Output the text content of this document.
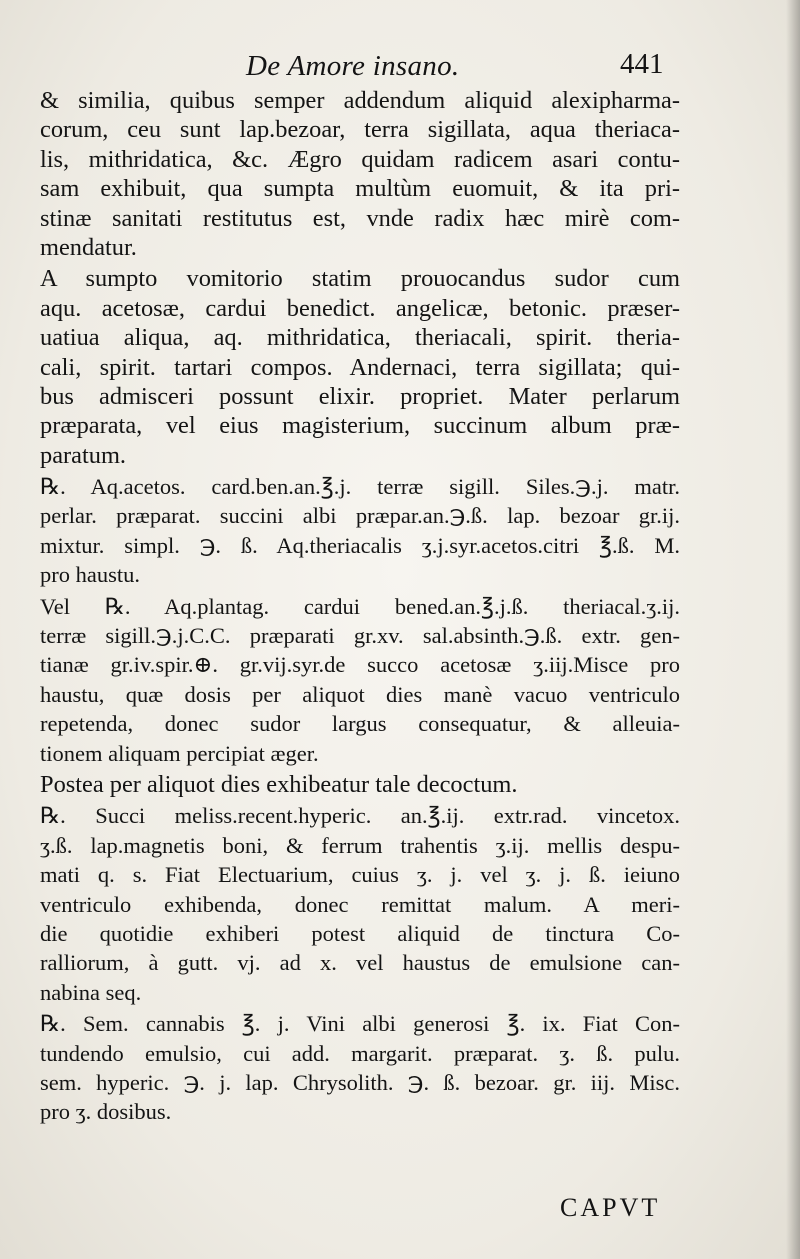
De Amore insano.	441
& similia, quibus semper addendum aliquid alexipharma-
corum, ceu sunt lap.bezoar, terra sigillata, aqua theriaca-
lis, mithridatica, &c. Ægro quidam radicem asari contu-
sam exhibuit, qua sumpta multùm euomuit, & ita pri-
stinæ sanitati restitutus est, vnde radix hæc mirè com-
mendatur.
A sumpto vomitorio statim prouocandus sudor cum
aqu. acetosæ, cardui benedict. angelicæ, betonic. præser-
uatiua aliqua, aq. mithridatica, theriacali, spirit. theria-
cali, spirit. tartari compos. Andernaci, terra sigillata; qui-
bus admisceri possunt elixir. propriet. Mater perlarum
præparata, vel eius magisterium, succinum album præ-
paratum.
℞. Aq.acetos. card.ben.an.℥.j. terræ sigill. Siles.℈.j. matr.
perlar. præparat. succini albi præpar.an.℈.ß. lap. bezoar gr.ij.
mixtur. simpl. ℈. ß. Aq.theriacalis ʒ.j.syr.acetos.citri ℥.ß. M.
pro haustu.
Vel ℞. Aq.plantag. cardui bened.an.℥.j.ß. theriacal.ʒ.ij.
terræ sigill.℈.j.C.C. præparati gr.xv. sal.absinth.℈.ß. extr. gen-
tianæ gr.iv.spir.⊕. gr.vij.syr.de succo acetosæ ʒ.iij.Misce pro
haustu, quæ dosis per aliquot dies manè vacuo ventriculo
repetenda, donec sudor largus consequatur, & alleuia-
tionem aliquam percipiat æger.
Postea per aliquot dies exhibeatur tale decoctum.
℞. Succi meliss.recent.hyperic. an.℥.ij. extr.rad. vincetox.
ʒ.ß. lap.magnetis boni, & ferrum trahentis ʒ.ij. mellis despu-
mati q. s. Fiat Electuarium, cuius ʒ. j. vel ʒ. j. ß. ieiuno
ventriculo exhibenda, donec remittat malum. A meri-
die quotidie exhiberi potest aliquid de tinctura Co-
ralliorum, à gutt. vj. ad x. vel haustus de emulsione can-
nabina seq.
℞. Sem. cannabis ℥. j. Vini albi generosi ℥. ix. Fiat Con-
tundendo emulsio, cui add. margarit. præparat. ʒ. ß. pulu.
sem. hyperic. ℈. j. lap. Chrysolith. ℈. ß. bezoar. gr. iij. Misc.
pro ʒ. dosibus.
CAPVT
